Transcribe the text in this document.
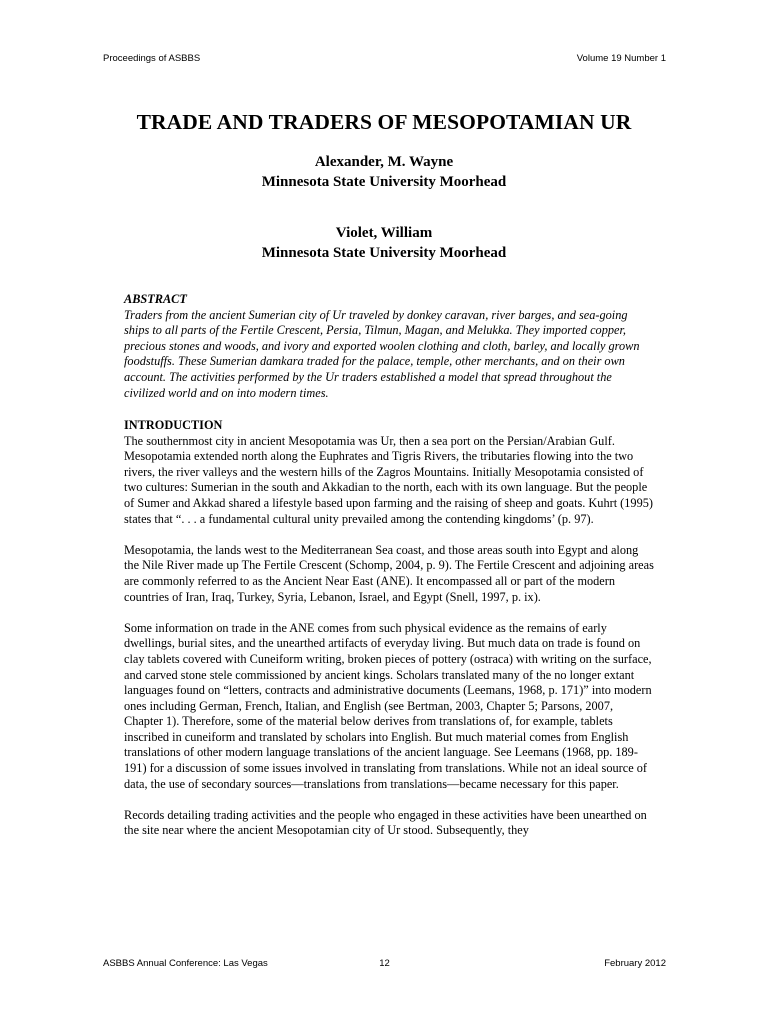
Proceedings of ASBBS	Volume 19 Number 1
TRADE AND TRADERS OF MESOPOTAMIAN UR
Alexander, M. Wayne
Minnesota State University Moorhead
Violet, William
Minnesota State University Moorhead
ABSTRACT
Traders from the ancient Sumerian city of Ur traveled by donkey caravan, river barges, and sea-going ships to all parts of the Fertile Crescent, Persia, Tilmun, Magan, and Melukka. They imported copper, precious stones and woods, and ivory and exported woolen clothing and cloth, barley, and locally grown foodstuffs. These Sumerian damkara traded for the palace, temple, other merchants, and on their own account. The activities performed by the Ur traders established a model that spread throughout the civilized world and on into modern times.
INTRODUCTION

The southernmost city in ancient Mesopotamia was Ur, then a sea port on the Persian/Arabian Gulf. Mesopotamia extended north along the Euphrates and Tigris Rivers, the tributaries flowing into the two rivers, the river valleys and the western hills of the Zagros Mountains. Initially Mesopotamia consisted of two cultures: Sumerian in the south and Akkadian to the north, each with its own language. But the people of Sumer and Akkad shared a lifestyle based upon farming and the raising of sheep and goats. Kuhrt (1995) states that “. . . a fundamental cultural unity prevailed among the contending kingdoms’ (p. 97).

Mesopotamia, the lands west to the Mediterranean Sea coast, and those areas south into Egypt and along the Nile River made up The Fertile Crescent (Schomp, 2004, p. 9). The Fertile Crescent and adjoining areas are commonly referred to as the Ancient Near East (ANE). It encompassed all or part of the modern countries of Iran, Iraq, Turkey, Syria, Lebanon, Israel, and Egypt (Snell, 1997, p. ix).

Some information on trade in the ANE comes from such physical evidence as the remains of early dwellings, burial sites, and the unearthed artifacts of everyday living. But much data on trade is found on clay tablets covered with Cuneiform writing, broken pieces of pottery (ostraca) with writing on the surface, and carved stone stele commissioned by ancient kings. Scholars translated many of the no longer extant languages found on “letters, contracts and administrative documents (Leemans, 1968, p. 171)” into modern ones including German, French, Italian, and English (see Bertman, 2003, Chapter 5; Parsons, 2007, Chapter 1). Therefore, some of the material below derives from translations of, for example, tablets inscribed in cuneiform and translated by scholars into English. But much material comes from English translations of other modern language translations of the ancient language. See Leemans (1968, pp. 189-191) for a discussion of some issues involved in translating from translations. While not an ideal source of data, the use of secondary sources—translations from translations—became necessary for this paper.

Records detailing trading activities and the people who engaged in these activities have been unearthed on the site near where the ancient Mesopotamian city of Ur stood. Subsequently, they

ASBBS Annual Conference: Las Vegas	12	February 2012
